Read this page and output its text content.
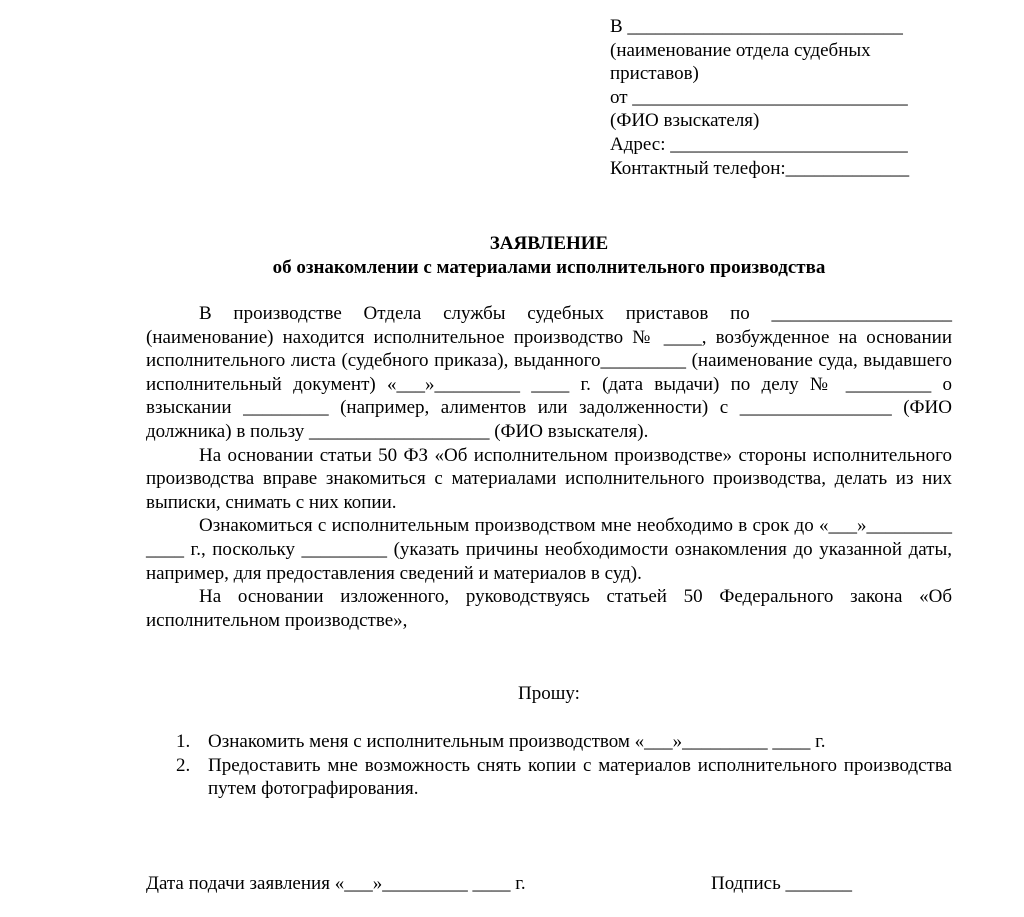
В _____________________________
(наименование отдела судебных
приставов)
от _____________________________
(ФИО взыскателя)
Адрес: _________________________
Контактный телефон:_____________
ЗАЯВЛЕНИЕ
об ознакомлении с материалами исполнительного производства

В производстве Отдела службы судебных приставов по ___________________ (наименование) находится исполнительное производство № ____, возбужденное на основании исполнительного листа (судебного приказа), выданного_________ (наименование суда, выдавшего исполнительный документ) «___»_________ ____ г. (дата выдачи) по делу № _________ о взыскании _________ (например, алиментов или задолженности) с ________________ (ФИО должника) в пользу ___________________ (ФИО взыскателя).

На основании статьи 50 ФЗ «Об исполнительном производстве» стороны исполнительного производства вправе знакомиться с материалами исполнительного производства, делать из них выписки, снимать с них копии.

Ознакомиться с исполнительным производством мне необходимо в срок до «___»_________ ____ г., поскольку _________ (указать причины необходимости ознакомления до указанной даты, например, для предоставления сведений и материалов в суд).

На основании изложенного, руководствуясь статьей 50 Федерального закона «Об исполнительном производстве»,

Прошу:
1. Ознакомить меня с исполнительным производством «___»_________ ____ г.
2. Предоставить мне возможность снять копии с материалов исполнительного производства путем фотографирования.
Дата подачи заявления «___»_________ ____ г.	Подпись _______
